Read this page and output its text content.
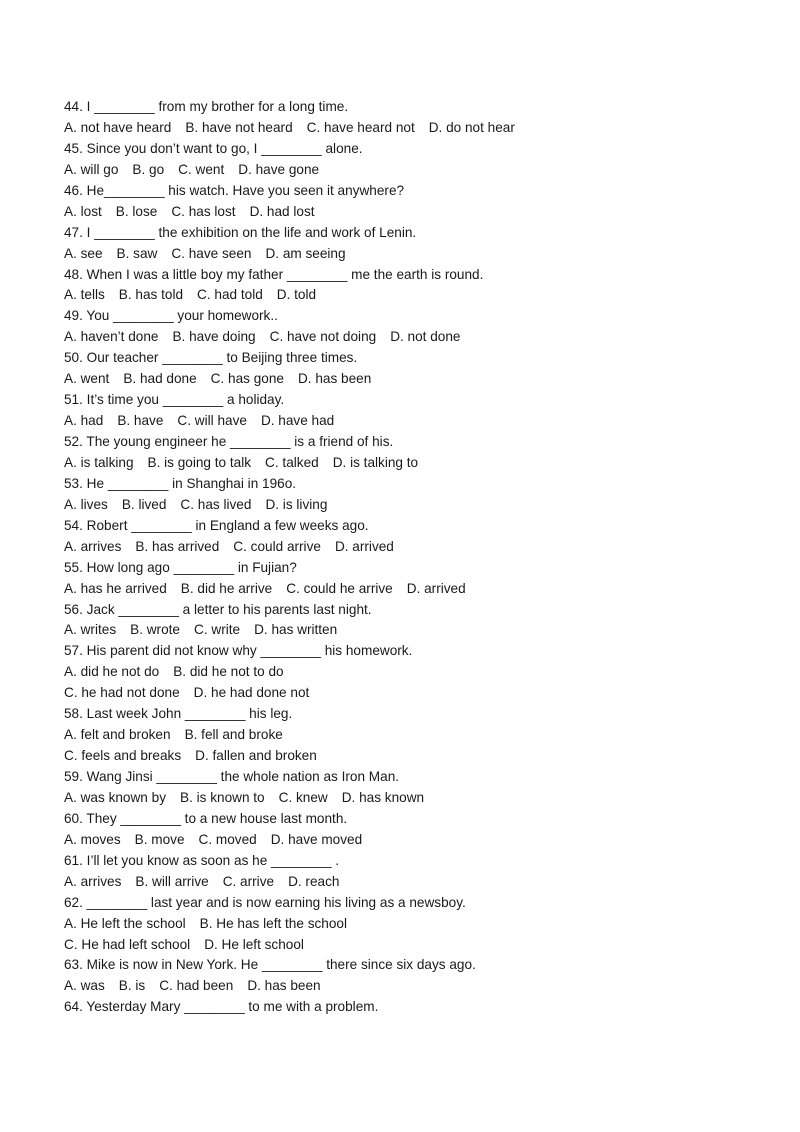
44. I ________ from my brother for a long time.
A. not have heard B. have not heard C. have heard not D. do not hear
45. Since you don’t want to go, I ________ alone.
A. will go B. go C. went D. have gone
46. He________ his watch. Have you seen it anywhere?
A. lost B. lose C. has lost D. had lost
47. I ________ the exhibition on the life and work of Lenin.
A. see B. saw C. have seen D. am seeing
48. When I was a little boy my father ________ me the earth is round.
A. tells B. has told C. had told D. told
49. You ________ your homework..
A. haven’t done B. have doing C. have not doing D. not done
50. Our teacher ________ to Beijing three times.
A. went B. had done C. has gone D. has been
51. It’s time you ________ a holiday.
A. had B. have C. will have D. have had
52. The young engineer he ________ is a friend of his.
A. is talking B. is going to talk C. talked D. is talking to
53. He ________ in Shanghai in 196o.
A. lives B. lived C. has lived D. is living
54. Robert ________ in England a few weeks ago.
A. arrives B. has arrived C. could arrive D. arrived
55. How long ago ________ in Fujian?
A. has he arrived B. did he arrive C. could he arrive D. arrived
56. Jack ________ a letter to his parents last night.
A. writes B. wrote C. write D. has written
57. His parent did not know why ________ his homework.
A. did he not do B. did he not to do
C. he had not done D. he had done not
58. Last week John ________ his leg.
A. felt and broken B. fell and broke
C. feels and breaks D. fallen and broken
59. Wang Jinsi ________ the whole nation as Iron Man.
A. was known by B. is known to C. knew D. has known
60. They ________ to a new house last month.
A. moves B. move C. moved D. have moved
61. I’ll let you know as soon as he ________ .
A. arrives B. will arrive C. arrive D. reach
62. ________ last year and is now earning his living as a newsboy.
A. He left the school B. He has left the school
C. He had left school D. He left school
63. Mike is now in New York. He ________ there since six days ago.
A. was B. is C. had been D. has been
64. Yesterday Mary ________ to me with a problem.
